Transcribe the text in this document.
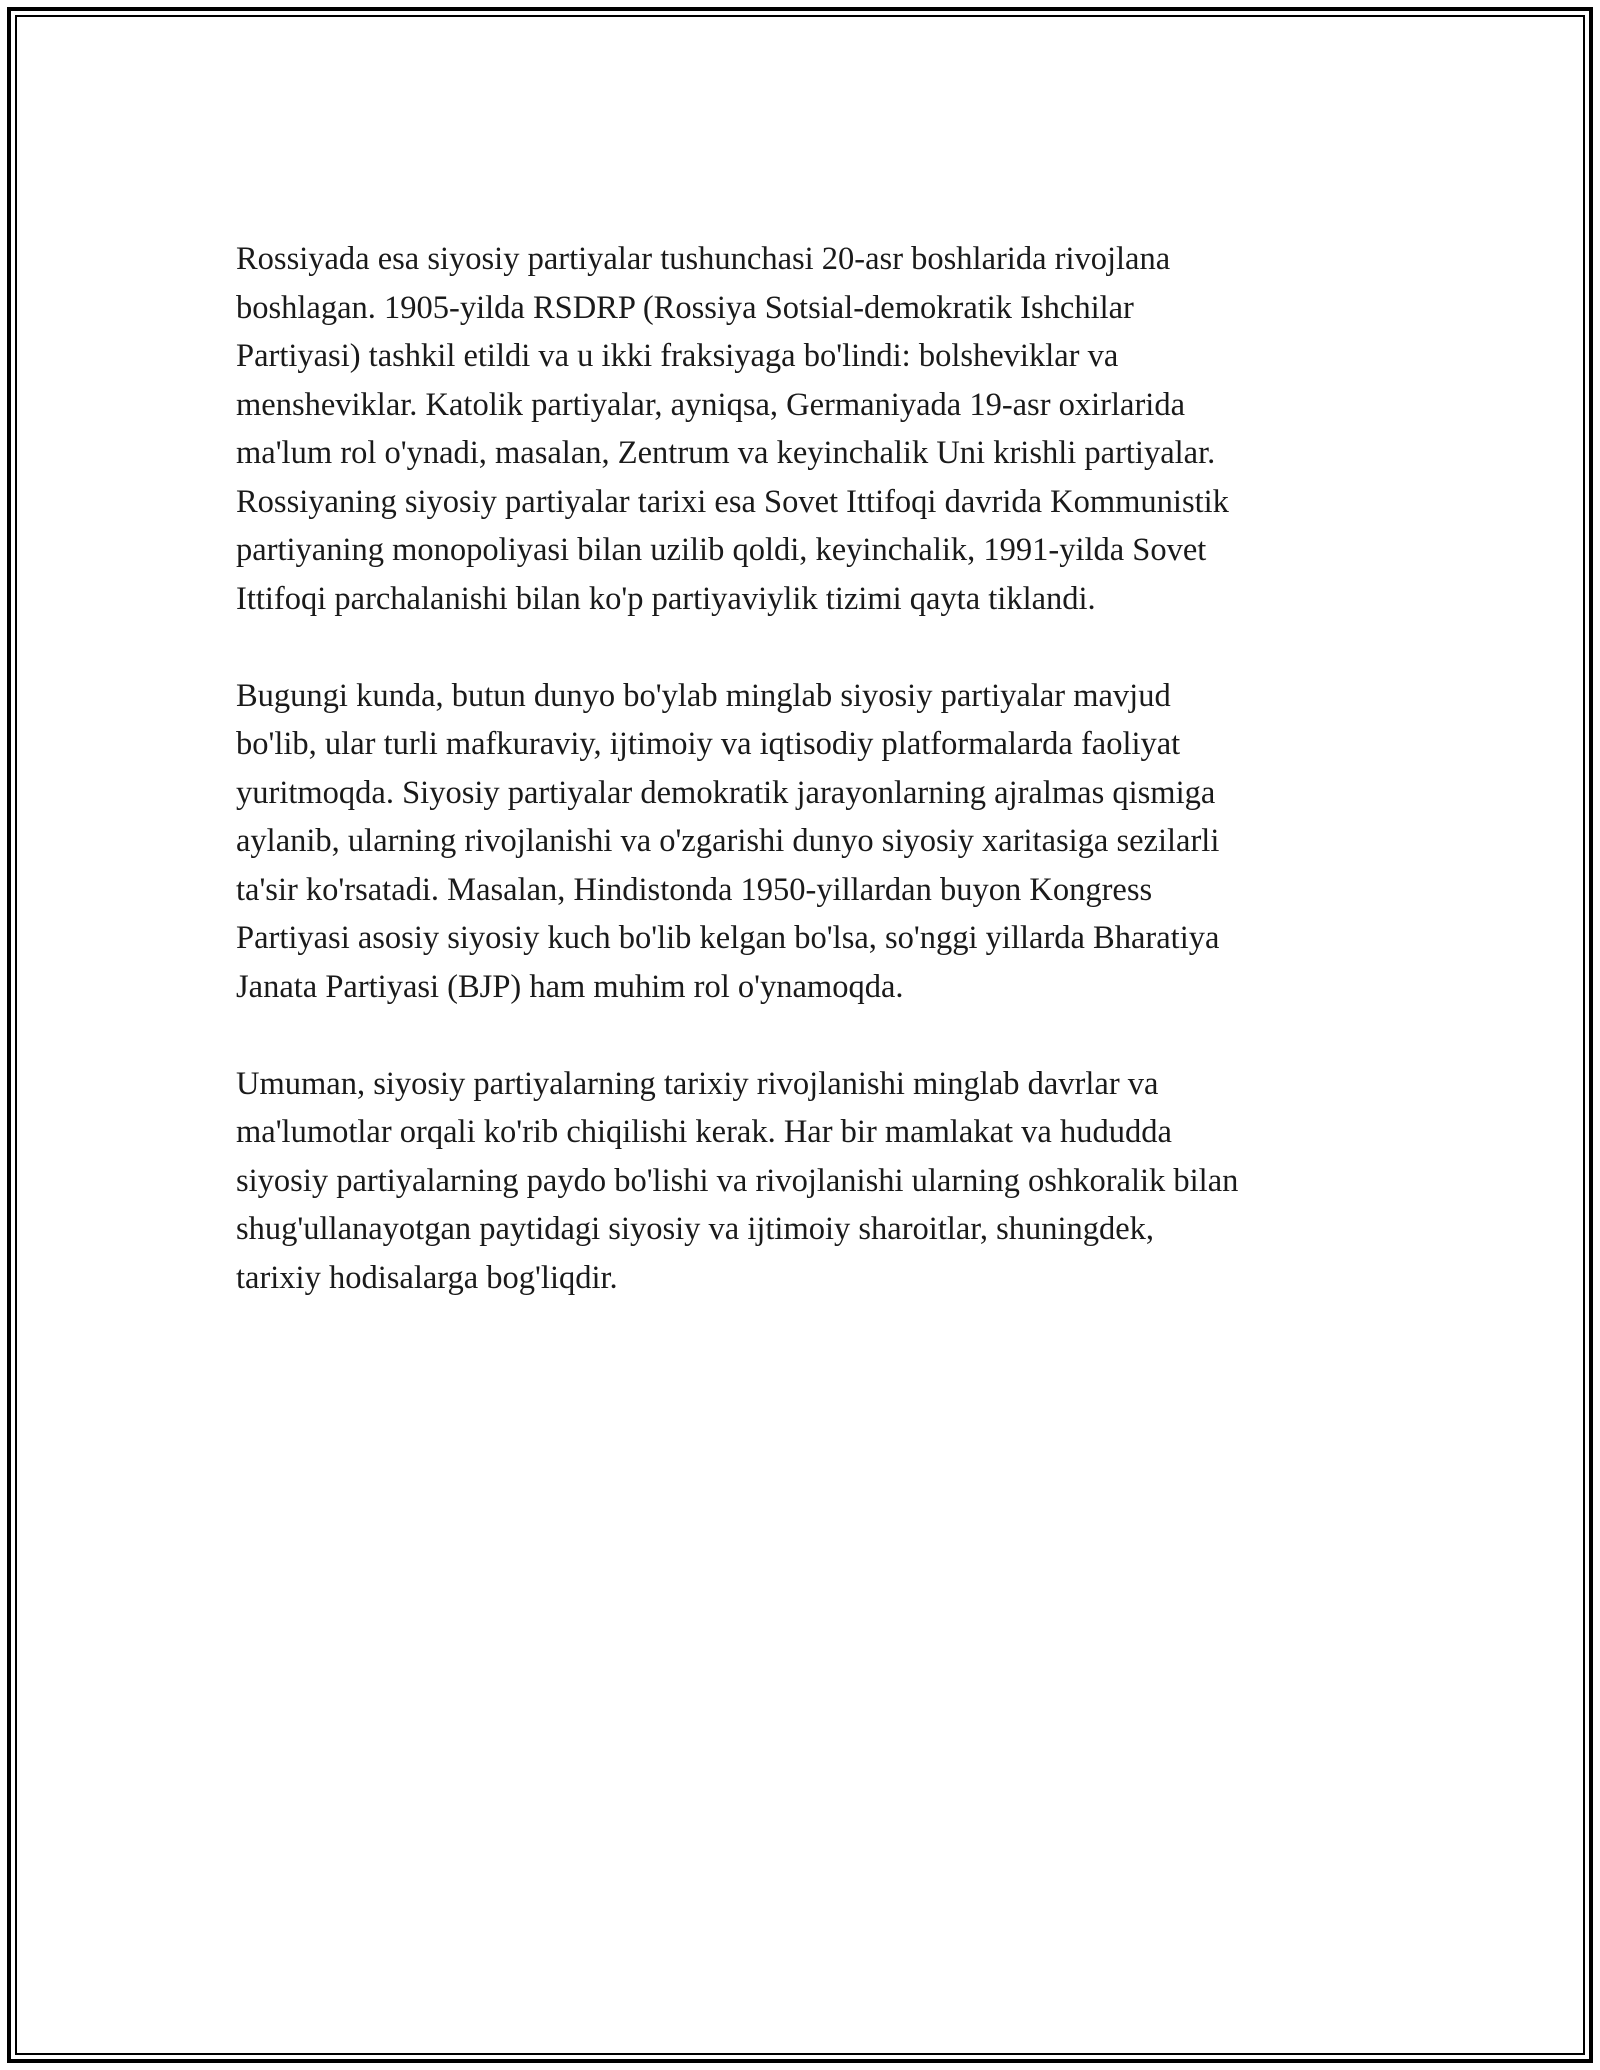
Rossiyada esa siyosiy partiyalar tushunchasi 20-asr boshlarida rivojlana
boshlagan. 1905-yilda RSDRP (Rossiya Sotsial-demokratik Ishchilar
Partiyasi) tashkil etildi va u ikki fraksiyaga bo'lindi: bolsheviklar va
mensheviklar. Katolik partiyalar, ayniqsa, Germaniyada 19-asr oxirlarida
ma'lum rol o'ynadi, masalan, Zentrum va keyinchalik Uni krishli partiyalar.
Rossiyaning siyosiy partiyalar tarixi esa Sovet Ittifoqi davrida Kommunistik
partiyaning monopoliyasi bilan uzilib qoldi, keyinchalik, 1991-yilda Sovet
Ittifoqi parchalanishi bilan ko'p partiyaviylik tizimi qayta tiklandi.

Bugungi kunda, butun dunyo bo'ylab minglab siyosiy partiyalar mavjud
bo'lib, ular turli mafkuraviy, ijtimoiy va iqtisodiy platformalarda faoliyat
yuritmoqda. Siyosiy partiyalar demokratik jarayonlarning ajralmas qismiga
aylanib, ularning rivojlanishi va o'zgarishi dunyo siyosiy xaritasiga sezilarli
ta'sir ko'rsatadi. Masalan, Hindistonda 1950-yillardan buyon Kongress
Partiyasi asosiy siyosiy kuch bo'lib kelgan bo'lsa, so'nggi yillarda Bharatiya
Janata Partiyasi (BJP) ham muhim rol o'ynamoqda.

Umuman, siyosiy partiyalarning tarixiy rivojlanishi minglab davrlar va
ma'lumotlar orqali ko'rib chiqilishi kerak. Har bir mamlakat va hududda
siyosiy partiyalarning paydo bo'lishi va rivojlanishi ularning oshkoralik bilan
shug'ullanayotgan paytidagi siyosiy va ijtimoiy sharoitlar, shuningdek,
tarixiy hodisalarga bog'liqdir.
